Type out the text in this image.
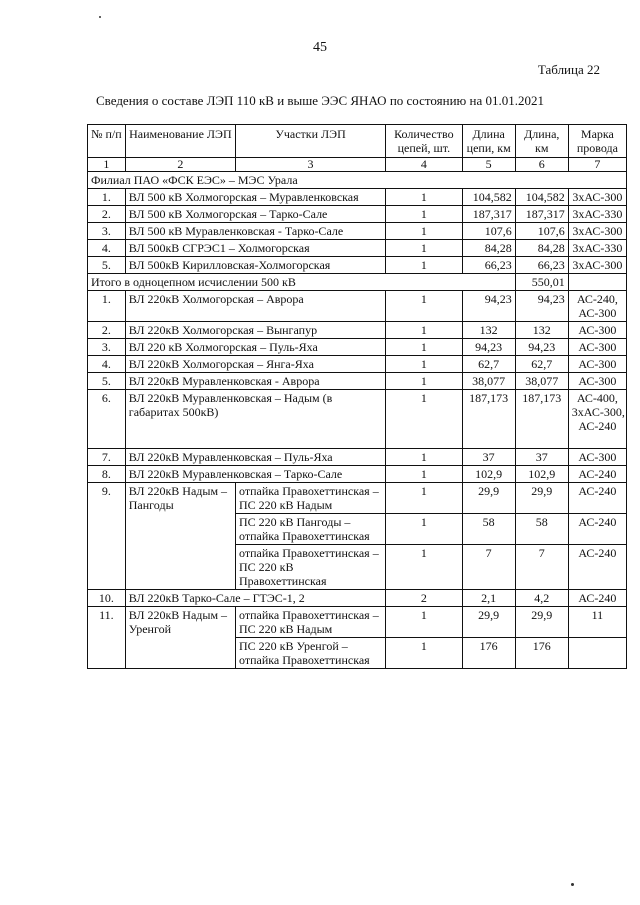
45
Таблица 22
Сведения о составе ЛЭП 110 кВ и выше ЭЭС ЯНАО по состоянию на 01.01.2021
№ п/п	Наименование ЛЭП	Участки ЛЭП	Количество цепей, шт.	Длина цепи, км	Длина, км	Марка провода
1	2	3	4	5	6	7
Филиал ПАО «ФСК ЕЭС» – МЭС Урала						
1.	ВЛ 500 кВ Холмогорская – Муравленковская		1	104,582	104,582	3хАС-300
2.	ВЛ 500 кВ Холмогорская – Тарко-Сале		1	187,317	187,317	3хАС-330
3.	ВЛ 500 кВ Муравленковская - Тарко-Сале		1	107,6	107,6	3хАС-300
4.	ВЛ 500кВ СГРЭС1 – Холмогорская		1	84,28	84,28	3хАС-330
5.	ВЛ 500кВ Кирилловская-Холмогорская		1	66,23	66,23	3хАС-300
Итого в одноцепном исчислении 500 кВ					550,01	
1.	ВЛ 220кВ Холмогорская – Аврора		1	94,23	94,23	АС-240, АС-300
2.	ВЛ 220кВ Холмогорская – Вынгапур		1	132	132	АС-300
3.	ВЛ 220 кВ Холмогорская – Пуль-Яха		1	94,23	94,23	АС-300
4.	ВЛ 220кВ Холмогорская – Янга-Яха		1	62,7	62,7	АС-300
5.	ВЛ 220кВ Муравленковская - Аврора		1	38,077	38,077	АС-300
6.	ВЛ 220кВ Муравленковская – Надым (в габаритах 500кВ)		1	187,173	187,173	АС-400, 3хАС-300, АС-240
7.	ВЛ 220кВ Муравленковская – Пуль-Яха		1	37	37	АС-300
8.	ВЛ 220кВ Муравленковская – Тарко-Сале		1	102,9	102,9	АС-240
9.	ВЛ 220кВ Надым – Пангоды	отпайка Правохеттинская – ПС 220 кВ Надым	1	29,9	29,9	АС-240
		ПС 220 кВ Пангоды – отпайка Правохеттинская	1	58	58	АС-240
		отпайка Правохеттинская – ПС 220 кВ Правохеттинская	1	7	7	АС-240
10.	ВЛ 220кВ Тарко-Сале – ГТЭС-1, 2		2	2,1	4,2	АС-240
11.	ВЛ 220кВ Надым – Уренгой	отпайка Правохеттинская – ПС 220 кВ Надым	1	29,9	29,9	11
		ПС 220 кВ Уренгой – отпайка Правохеттинская	1	176	176	
